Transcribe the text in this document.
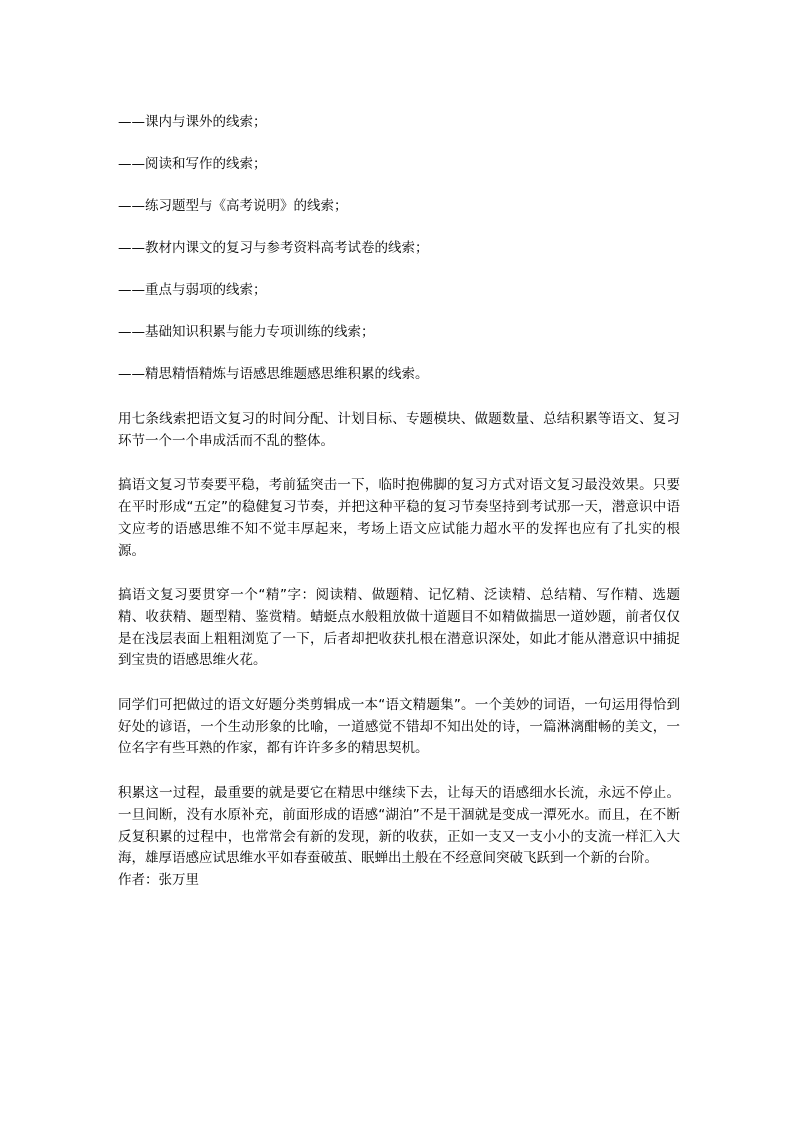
——课内与课外的线索；
——阅读和写作的线索；
——练习题型与《高考说明》的线索；
——教材内课文的复习与参考资料高考试卷的线索；
——重点与弱项的线索；
——基础知识积累与能力专项训练的线索；
——精思精悟精炼与语感思维题感思维积累的线索。

用七条线索把语文复习的时间分配、计划目标、专题模块、做题数量、总结积累等语文、复习环节一个一个串成活而不乱的整体。

搞语文复习节奏要平稳，考前猛突击一下，临时抱佛脚的复习方式对语文复习最没效果。只要在平时形成“五定”的稳健复习节奏，并把这种平稳的复习节奏坚持到考试那一天，潜意识中语文应考的语感思维不知不觉丰厚起来，考场上语文应试能力超水平的发挥也应有了扎实的根源。

搞语文复习要贯穿一个“精”字：阅读精、做题精、记忆精、泛读精、总结精、写作精、选题精、收获精、题型精、鉴赏精。蜻蜓点水般粗放做十道题目不如精做揣思一道妙题，前者仅仅是在浅层表面上粗粗浏览了一下，后者却把收获扎根在潜意识深处，如此才能从潜意识中捕捉到宝贵的语感思维火花。

同学们可把做过的语文好题分类剪辑成一本“语文精题集”。一个美妙的词语，一句运用得恰到好处的谚语，一个生动形象的比喻，一道感觉不错却不知出处的诗，一篇淋漓酣畅的美文，一位名字有些耳熟的作家，都有许许多多的精思契机。

积累这一过程，最重要的就是要它在精思中继续下去，让每天的语感细水长流，永远不停止。一旦间断，没有水原补充，前面形成的语感“湖泊”不是干涸就是变成一潭死水。而且，在不断反复积累的过程中，也常常会有新的发现，新的收获，正如一支又一支小小的支流一样汇入大海，雄厚语感应试思维水平如春蚕破茧、眠蝉出土般在不经意间突破飞跃到一个新的台阶。

作者：张万里
